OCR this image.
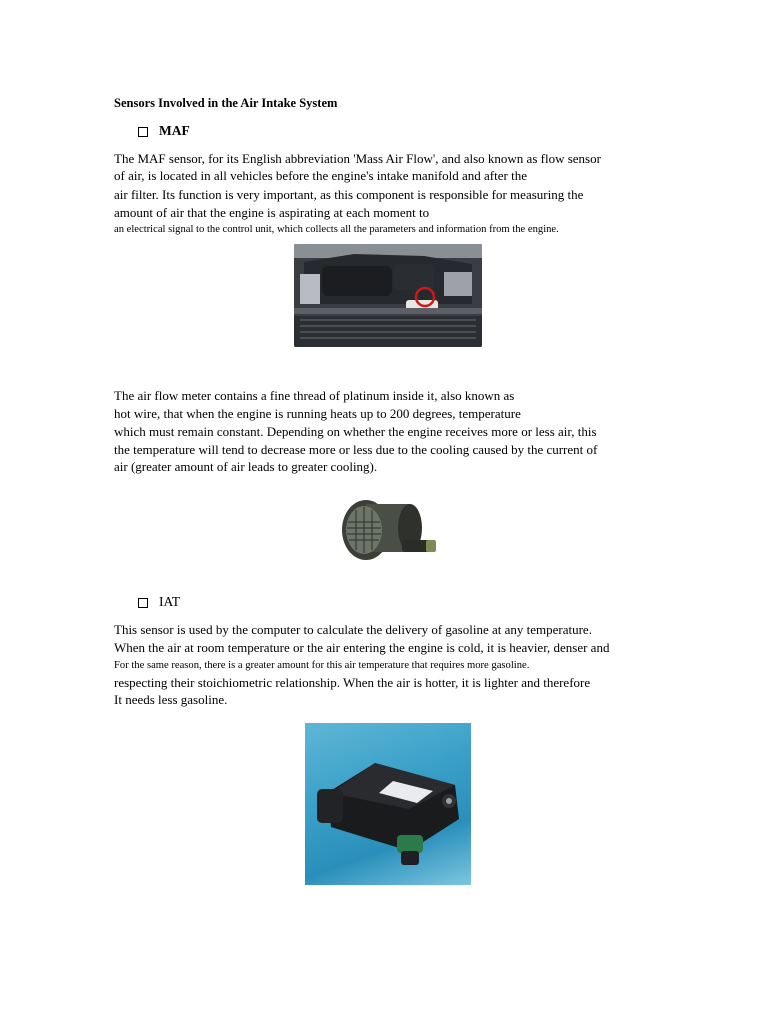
Sensors Involved in the Air Intake System
MAF
The MAF sensor, for its English abbreviation 'Mass Air Flow', and also known as flow sensor
of air, is located in all vehicles before the engine's intake manifold and after the
air filter. Its function is very important, as this component is responsible for measuring the
amount of air that the engine is aspirating at each moment to
an electrical signal to the control unit, which collects all the parameters and information from the engine.
The air flow meter contains a fine thread of platinum inside it, also known as
hot wire, that when the engine is running heats up to 200 degrees, temperature
which must remain constant. Depending on whether the engine receives more or less air, this
the temperature will tend to decrease more or less due to the cooling caused by the current of
air (greater amount of air leads to greater cooling).
IAT
This sensor is used by the computer to calculate the delivery of gasoline at any temperature.
When the air at room temperature or the air entering the engine is cold, it is heavier, denser and
For the same reason, there is a greater amount for this air temperature that requires more gasoline.
respecting their stoichiometric relationship. When the air is hotter, it is lighter and therefore
It needs less gasoline.
